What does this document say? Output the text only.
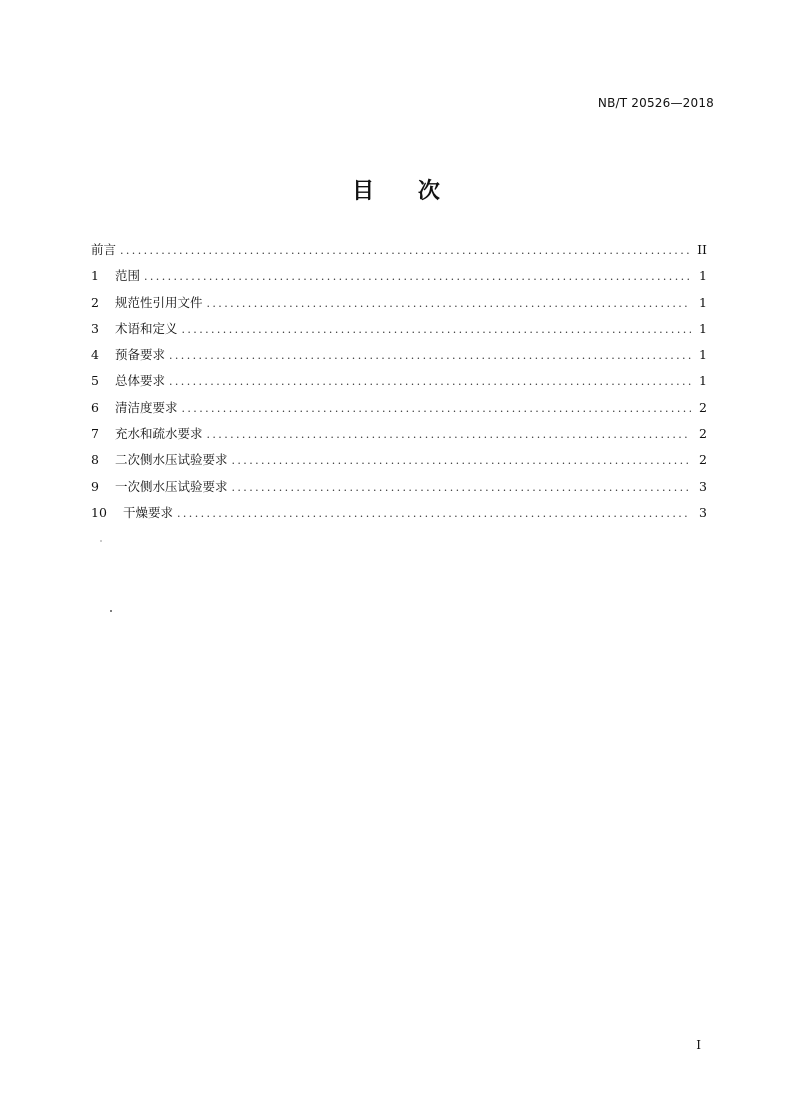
NB/T 20526—2018
目 次
前言 .....	II
1	范围 .....	1
2	规范性引用文件 .....	1
3	术语和定义 .....	1
4	预备要求 .....	1
5	总体要求 .....	1
6	清洁度要求 .....	2
7	充水和疏水要求 .....	2
8	二次侧水压试验要求 .....	2
9	一次侧水压试验要求 .....	3
10	干燥要求 .....	3
I
